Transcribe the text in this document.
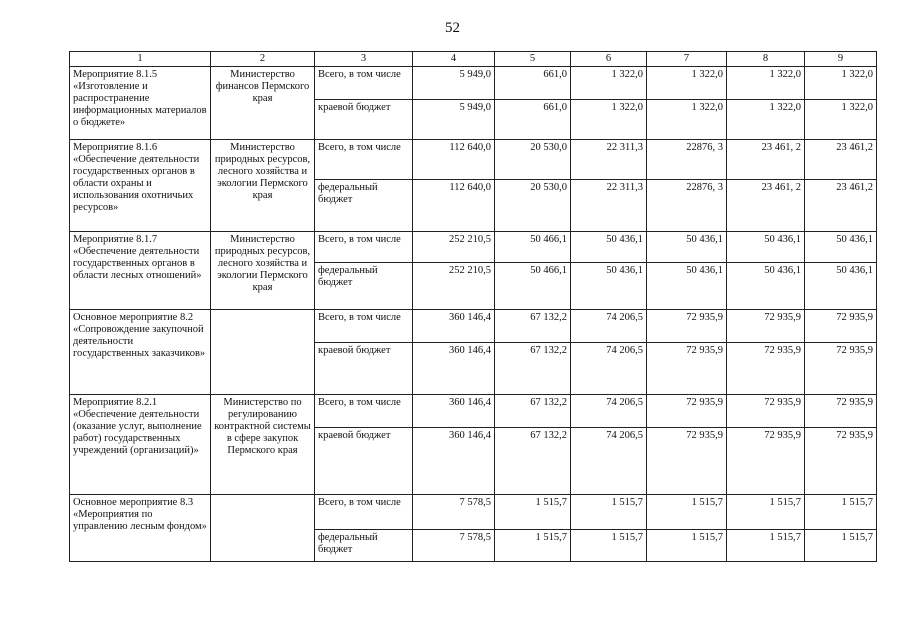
52
1	2	3	4	5	6	7	8	9
Мероприятие 8.1.5 «Изготовление и распространение информационных материалов о бюджете»	Министерство финансов Пермского края	Всего, в том числе	5 949,0	661,0	1 322,0	1 322,0	1 322,0	1 322,0
		краевой бюджет	5 949,0	661,0	1 322,0	1 322,0	1 322,0	1 322,0
Мероприятие 8.1.6 «Обеспечение деятельности государственных органов в области охраны и использования охотничьих ресурсов»	Министерство природных ресурсов, лесного хозяйства и экологии Пермского края	Всего, в том числе	112 640,0	20 530,0	22 311,3	22876, 3	23 461, 2	23 461,2
		федеральный бюджет	112 640,0	20 530,0	22 311,3	22876, 3	23 461, 2	23 461,2
Мероприятие 8.1.7 «Обеспечение деятельности государственных органов в области лесных отношений»	Министерство природных ресурсов, лесного хозяйства и экологии Пермского края	Всего, в том числе	252 210,5	50 466,1	50 436,1	50 436,1	50 436,1	50 436,1
		федеральный бюджет	252 210,5	50 466,1	50 436,1	50 436,1	50 436,1	50 436,1
Основное мероприятие 8.2 «Сопровождение закупочной деятельности государственных заказчиков»		Всего, в том числе	360 146,4	67 132,2	74 206,5	72 935,9	72 935,9	72 935,9
		краевой бюджет	360 146,4	67 132,2	74 206,5	72 935,9	72 935,9	72 935,9
Мероприятие 8.2.1 «Обеспечение деятельности (оказание услуг, выполнение работ) государственных учреждений (организаций)»	Министерство по регулированию контрактной системы в сфере закупок Пермского края	Всего, в том числе	360 146,4	67 132,2	74 206,5	72 935,9	72 935,9	72 935,9
		краевой бюджет	360 146,4	67 132,2	74 206,5	72 935,9	72 935,9	72 935,9
Основное мероприятие 8.3 «Мероприятия по управлению лесным фондом»		Всего, в том числе	7 578,5	1 515,7	1 515,7	1 515,7	1 515,7	1 515,7
		федеральный бюджет	7 578,5	1 515,7	1 515,7	1 515,7	1 515,7	1 515,7
